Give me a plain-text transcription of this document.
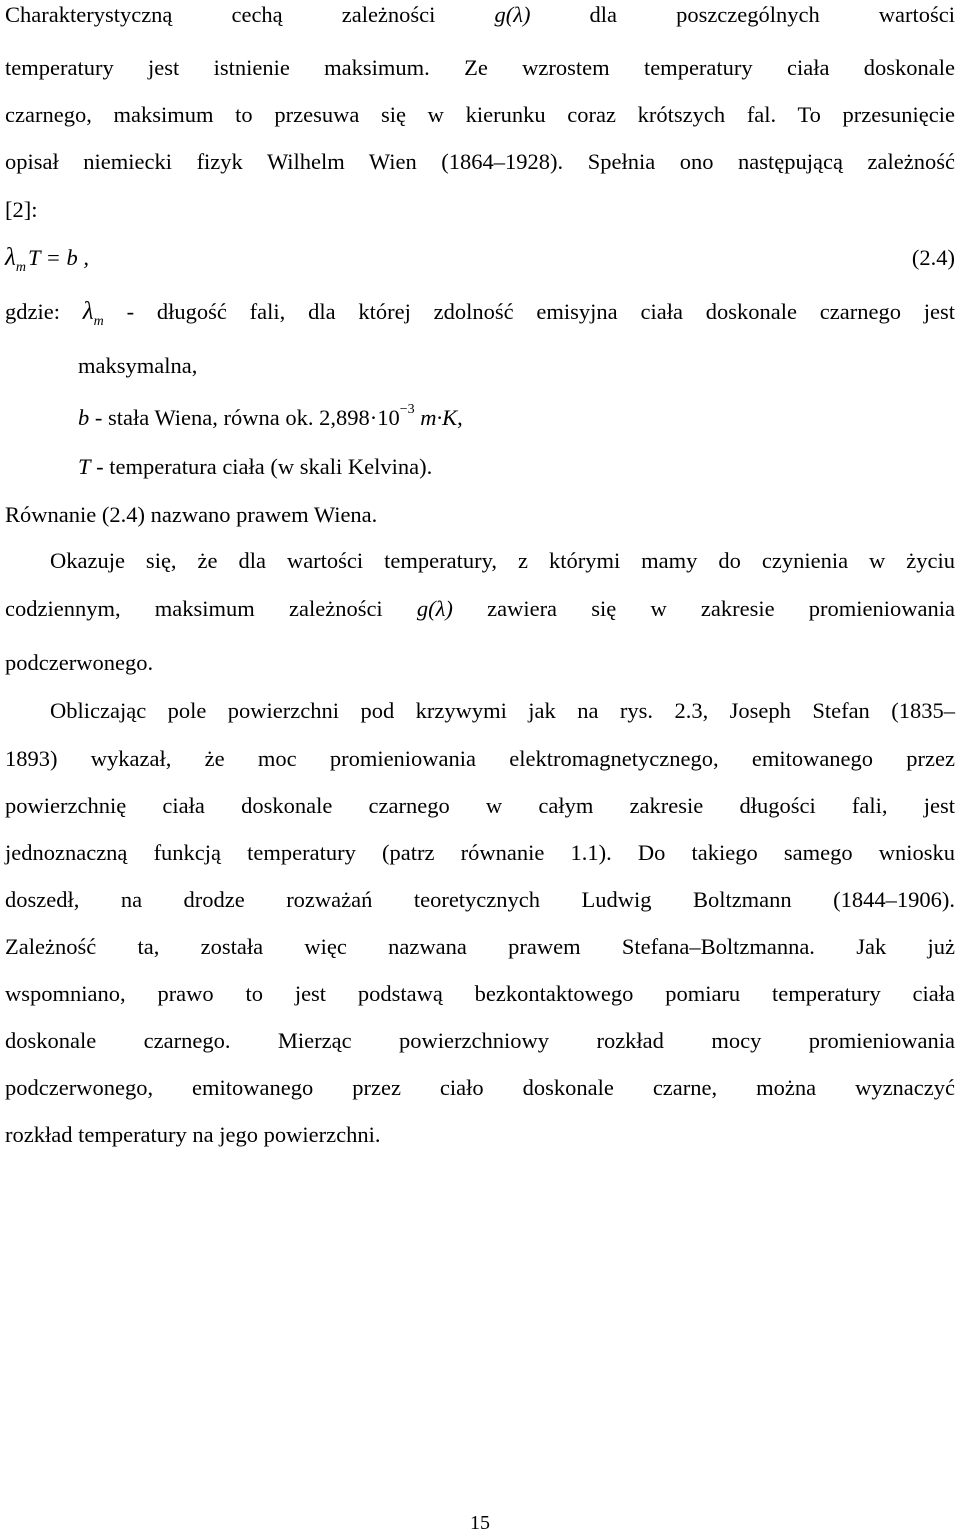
Charakterystyczną cechą zależności	g(λ)	dla poszczególnych wartości
temperatury jest istnienie maksimum. Ze wzrostem temperatury ciała doskonale
czarnego, maksimum to przesuwa się w kierunku coraz krótszych fal. To przesunięcie
opisał niemiecki fizyk Wilhelm Wien (1864–1928). Spełnia ono następującą zależność
[2]:
$\lambda_mT = b$ ,	(2.4)
gdzie: $\lambda_m$ - długość fali, dla której zdolność emisyjna ciała doskonale czarnego jest
maksymalna,
b - stała Wiena, równa ok. $2,898\cdot 10^{-3}$ m·K,
T - temperatura ciała (w skali Kelvina).
Równanie (2.4) nazwano prawem Wiena.
Okazuje się, że dla wartości temperatury, z którymi mamy do czynienia w życiu
codziennym, maksimum zależności g(λ) zawiera się w zakresie promieniowania
podczerwonego.
Obliczając pole powierzchni pod krzywymi jak na rys. 2.3, Joseph Stefan (1835–
1893) wykazał, że moc promieniowania elektromagnetycznego, emitowanego przez
powierzchnię ciała doskonale czarnego w całym zakresie długości fali, jest
jednoznaczną funkcją temperatury (patrz równanie 1.1). Do takiego samego wniosku
doszedł, na drodze rozważań teoretycznych Ludwig Boltzmann (1844–1906).
Zależność ta, została więc nazwana prawem Stefana–Boltzmanna. Jak już
wspomniano, prawo to jest podstawą bezkontaktowego pomiaru temperatury ciała
doskonale czarnego. Mierząc powierzchniowy rozkład mocy promieniowania
podczerwonego, emitowanego przez ciało doskonale czarne, można wyznaczyć
rozkład temperatury na jego powierzchni.
15
